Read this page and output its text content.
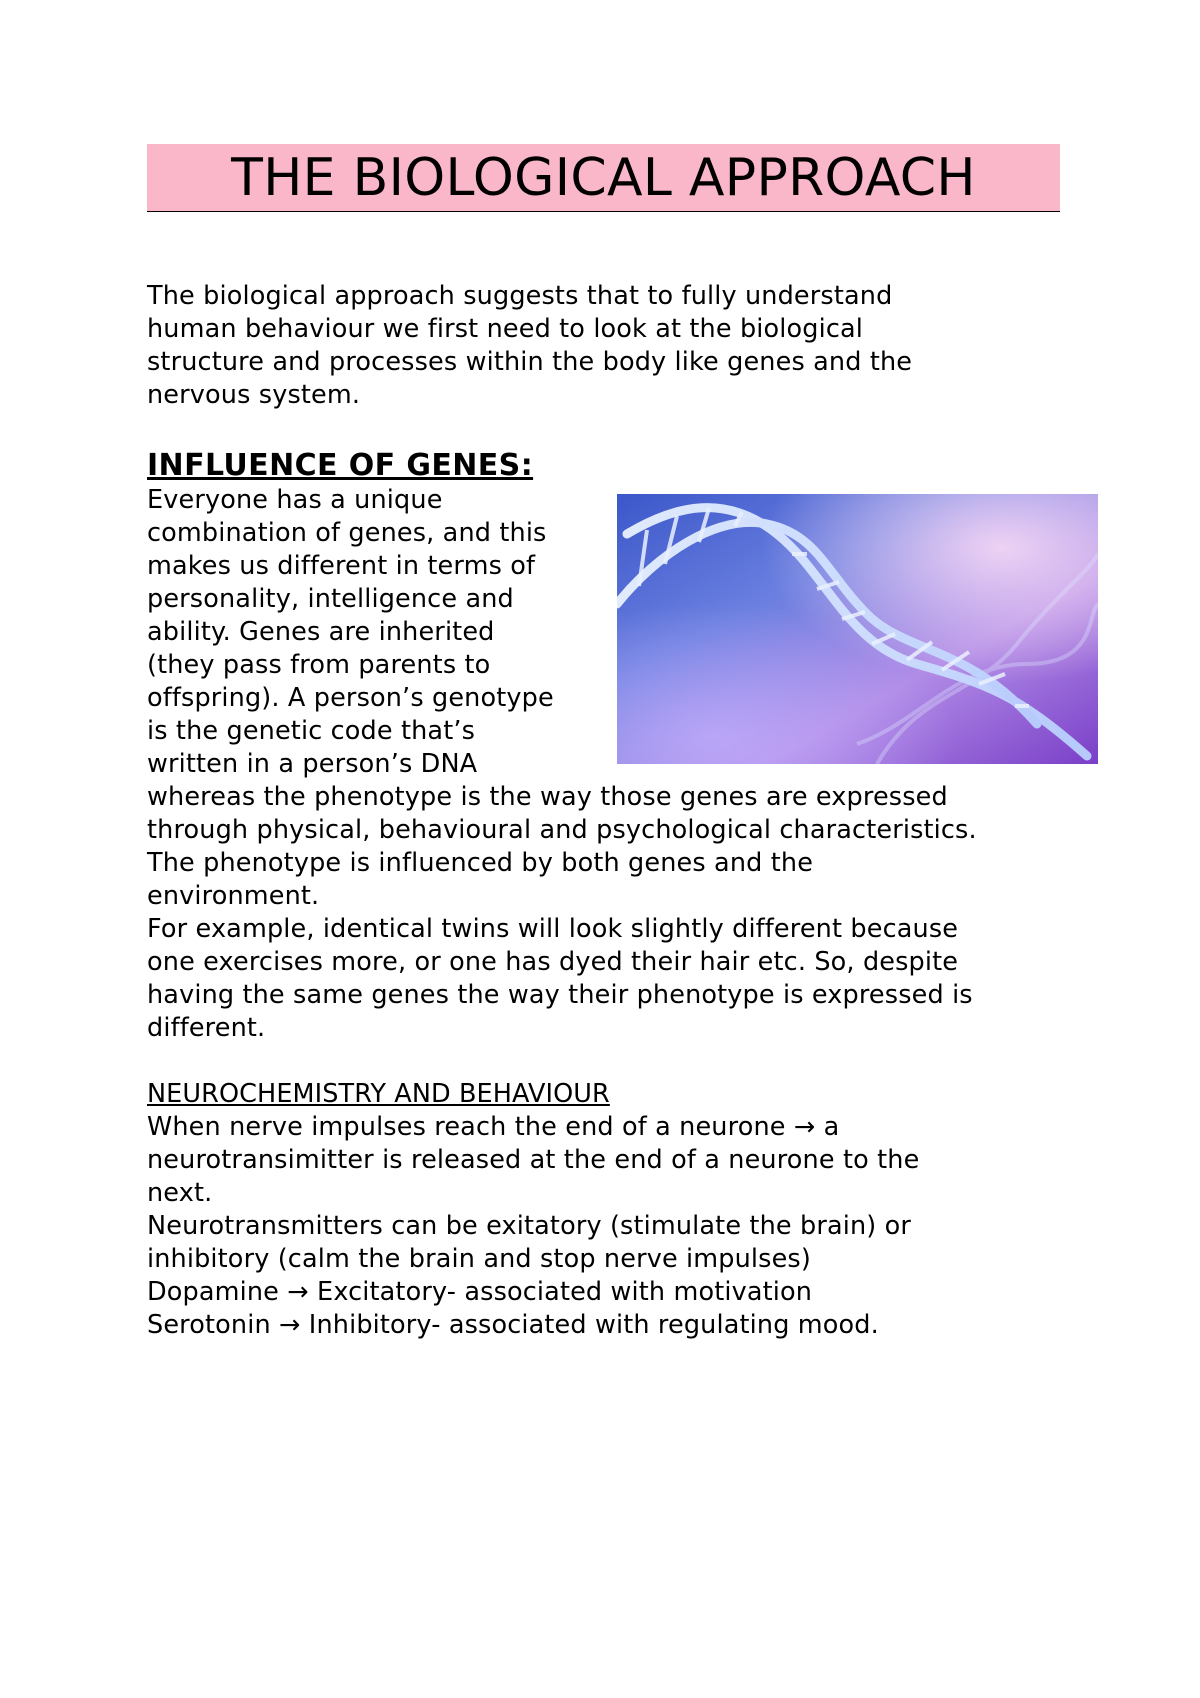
THE BIOLOGICAL APPROACH
The biological approach suggests that to fully understand
human behaviour we first need to look at the biological
structure and processes within the body like genes and the
nervous system.
INFLUENCE OF GENES:
Everyone has a unique
combination of genes, and this
makes us different in terms of
personality, intelligence and
ability. Genes are inherited
(they pass from parents to
offspring). A person’s genotype
is the genetic code that’s
written in a person’s DNA
whereas the phenotype is the way those genes are expressed
through physical, behavioural and psychological characteristics.
The phenotype is influenced by both genes and the
environment.
For example, identical twins will look slightly different because
one exercises more, or one has dyed their hair etc. So, despite
having the same genes the way their phenotype is expressed is
different.
NEUROCHEMISTRY AND BEHAVIOUR
When nerve impulses reach the end of a neurone → a
neurotransimitter is released at the end of a neurone to the
next.
Neurotransmitters can be exitatory (stimulate the brain) or
inhibitory (calm the brain and stop nerve impulses)
Dopamine → Excitatory- associated with motivation
Serotonin → Inhibitory- associated with regulating mood.
